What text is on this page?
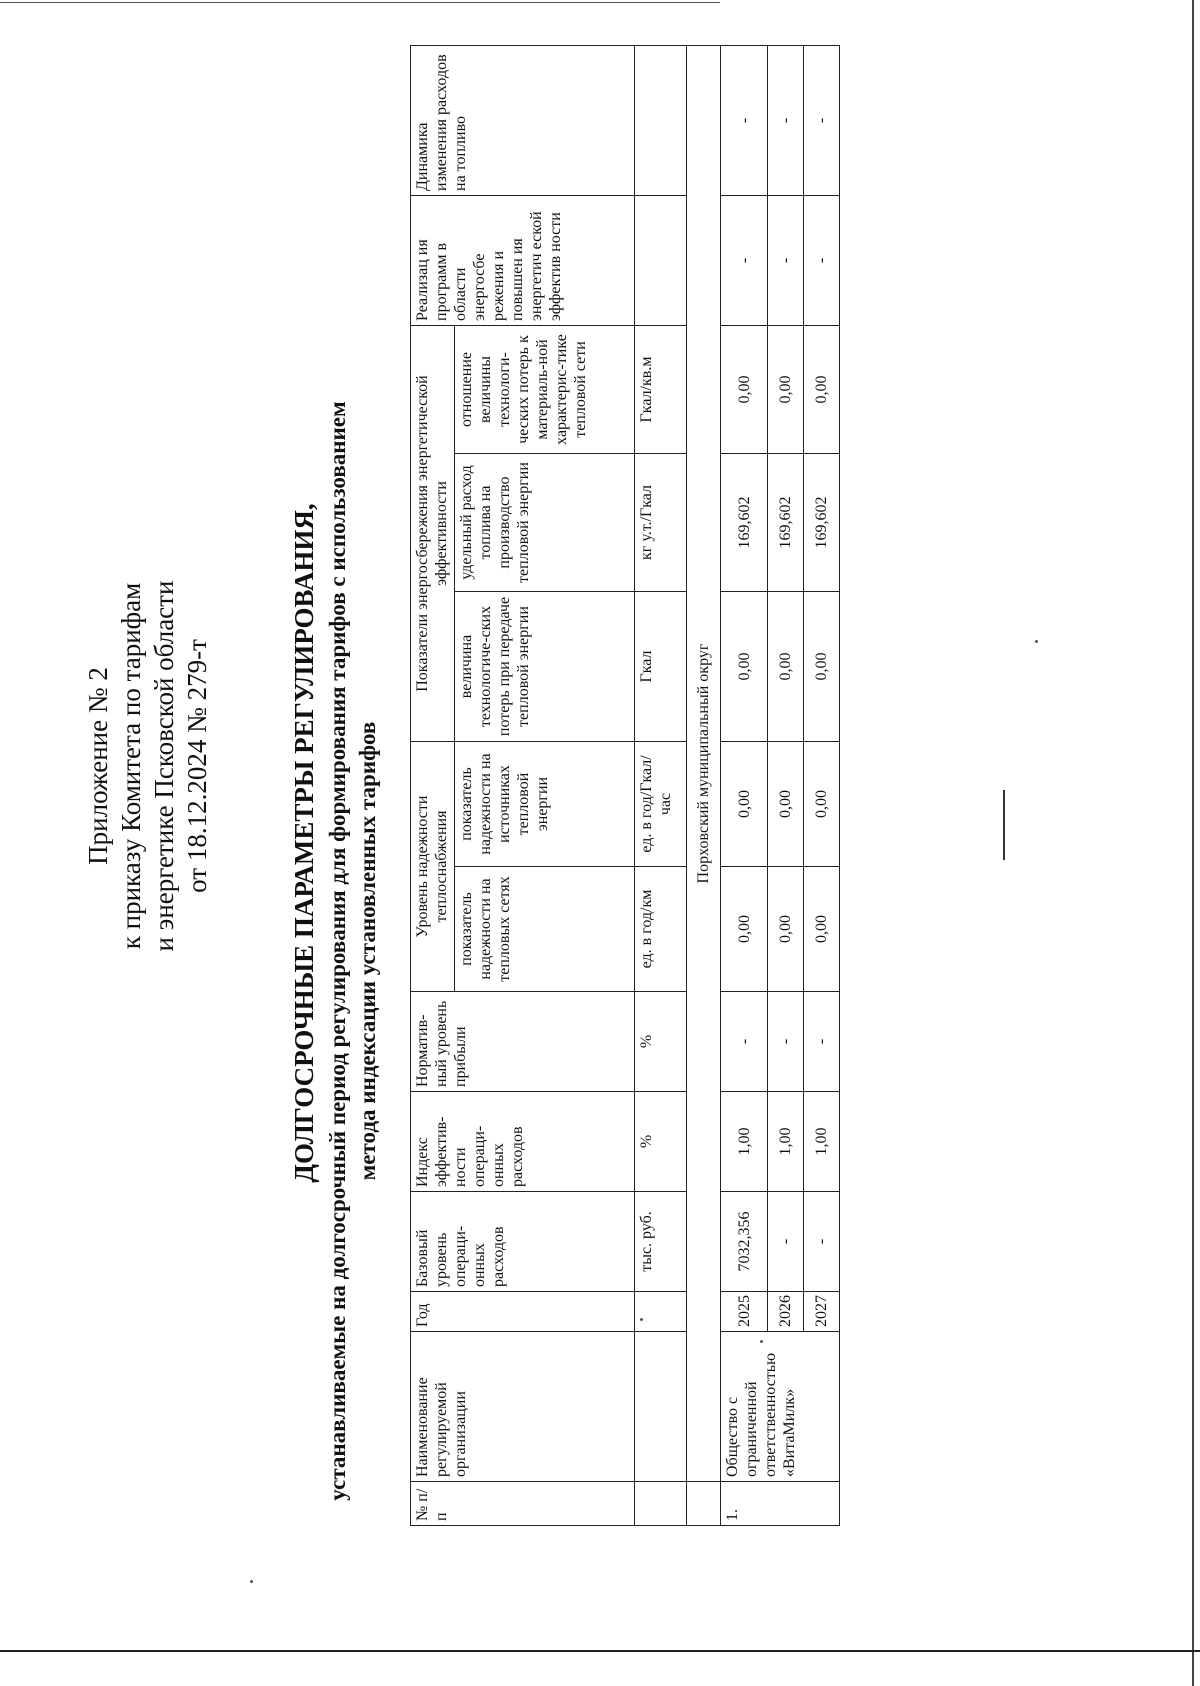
Приложение № 2 к приказу Комитета по тарифам и энергетике Псковской области от 18.12.2024 № 279-т	ДОЛГОСРОЧНЫЕ ПАРАМЕТРЫ РЕГУЛИРОВАНИЯ, устанавливаемые на долгосрочный период регулирования для формирования тарифов с использованием метода индексации установленных тарифов
№ п/п	Наименование регулируемой организации	Год	Базовый уровень операци-онных расходов	Индекс эффектив-ности операци-онных расходов	Норматив-ный уровень прибыли	Уровень надежности теплоснабжения		Показатели энергосбережения энергетической эффективности			Реализац ия программ в области энергосбе режения и повышен ия энергетич еской эффектив ности	Динамика изменения расходов на топливо
						показатель надежности на тепловых сетях	показатель надежности на источниках тепловой энергии	величина технологиче-ских потерь при передаче тепловой энергии	удельный расход топлива на производство тепловой энергии	отношение величины технологи-ческих потерь к материаль-ной характерис-тике тепловой сети		
			тыс. руб.	%	%	ед. в год/км	ед. в год/Гкал/час	Гкал	кг у.т./Гкал	Гкал/кв.м		
	Порховский муниципальный округ											
1.	Общество с ограниченной ответственностью «ВитаМилк»	2025	7032,356	1,00	-	0,00	0,00	0,00	169,602	0,00	-	-
		2026	-	1,00	-	0,00	0,00	0,00	169,602	0,00	-	-
		2027	-	1,00	-	0,00	0,00	0,00	169,602	0,00	-	-
